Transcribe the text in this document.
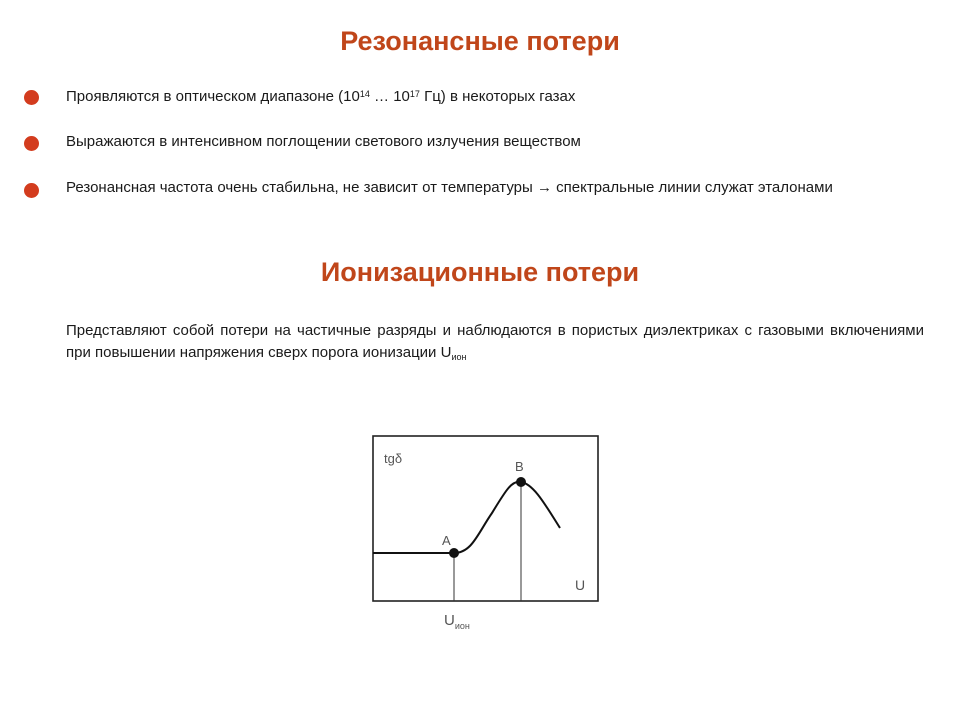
Резонансные потери
Проявляются в оптическом диапазоне ($10^{14}$ … $10^{17}$ Гц) в некоторых газах
Выражаются в интенсивном поглощении светового излучения веществом
Резонансная частота очень стабильна, не зависит от температуры → спектральные линии служат эталонами
Ионизационные потери
Представляют собой потери на частичные разряды и наблюдаются в пористых диэлектриках с газовыми включениями при повышении напряжения сверх порога ионизации $U_{ион}$
tgδ
A
B
U
$U_{ион}$
